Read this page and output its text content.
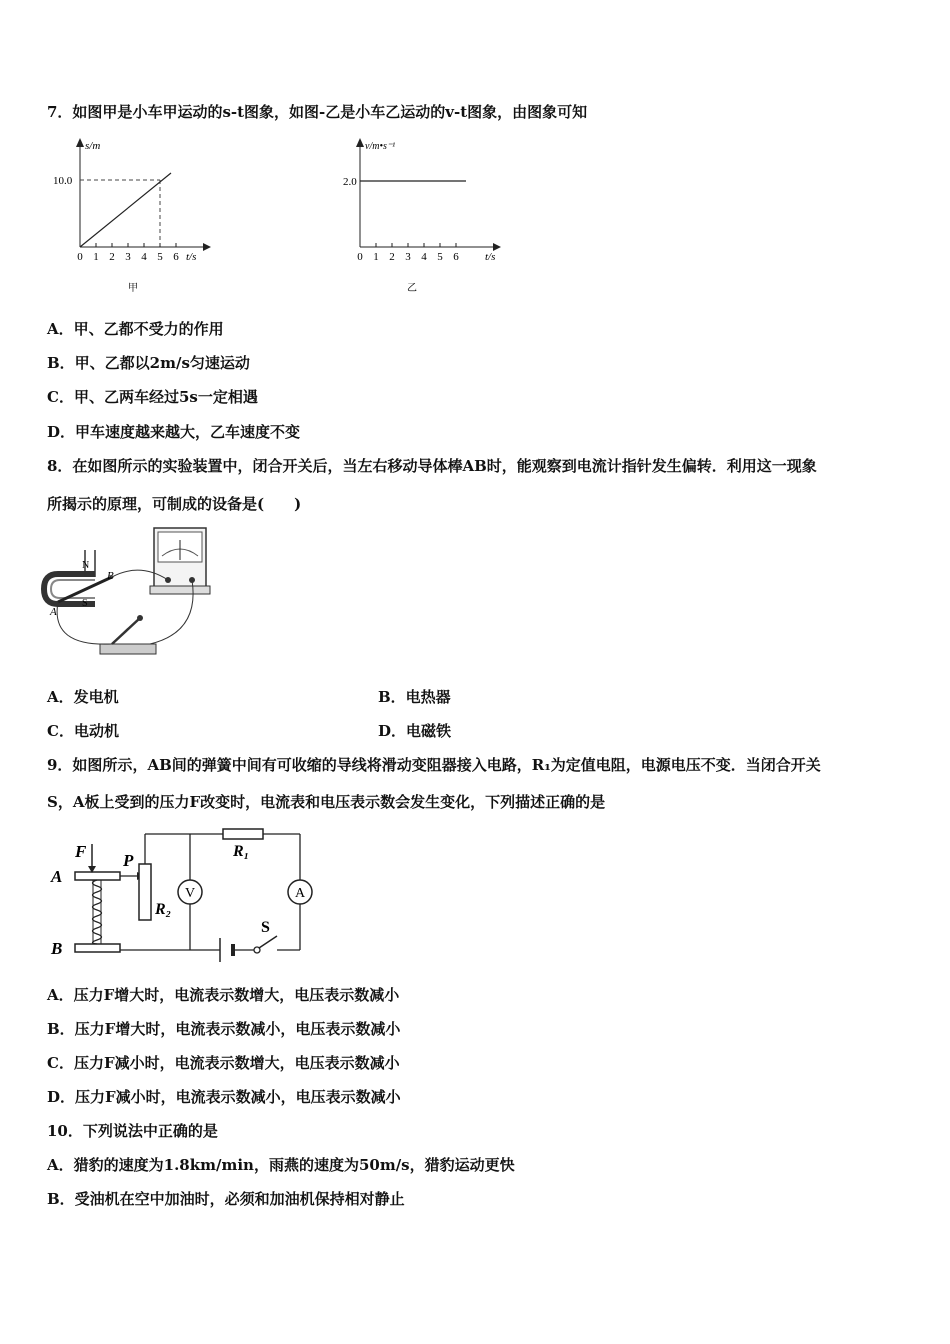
7．如图甲是小车甲运动的s-t图象，如图-乙是小车乙运动的v-t图象，由图象可知
s/m
10.0
0 1 2 3 4 5 6 t/s
甲
v/m•s⁻¹
2.0
0 1 2 3 4 5 6 t/s
乙
A．甲、乙都不受力的作用
B．甲、乙都以2m/s匀速运动
C．甲、乙两车经过5s一定相遇
D．甲车速度越来越大，乙车速度不变
8．在如图所示的实验装置中，闭合开关后，当左右移动导体棒AB时，能观察到电流计指针发生偏转．利用这一现象
所揭示的原理，可制成的设备是(　　)
N
S
A
B
A．发电机	B．电热器
C．电动机	D．电磁铁
9．如图所示，AB间的弹簧中间有可收缩的导线将滑动变阻器接入电路，R₁为定值电阻，电源电压不变．当闭合开关
S，A板上受到的压力F改变时，电流表和电压表示数会发生变化，下列描述正确的是
A
B
F P
R₂
V
R₁
A
S
A．压力F增大时，电流表示数增大，电压表示数减小
B．压力F增大时，电流表示数减小，电压表示数减小
C．压力F减小时，电流表示数增大，电压表示数减小
D．压力F减小时，电流表示数减小，电压表示数减小
10．下列说法中正确的是
A．猎豹的速度为1.8km/min，雨燕的速度为50m/s，猎豹运动更快
B．受油机在空中加油时，必须和加油机保持相对静止
